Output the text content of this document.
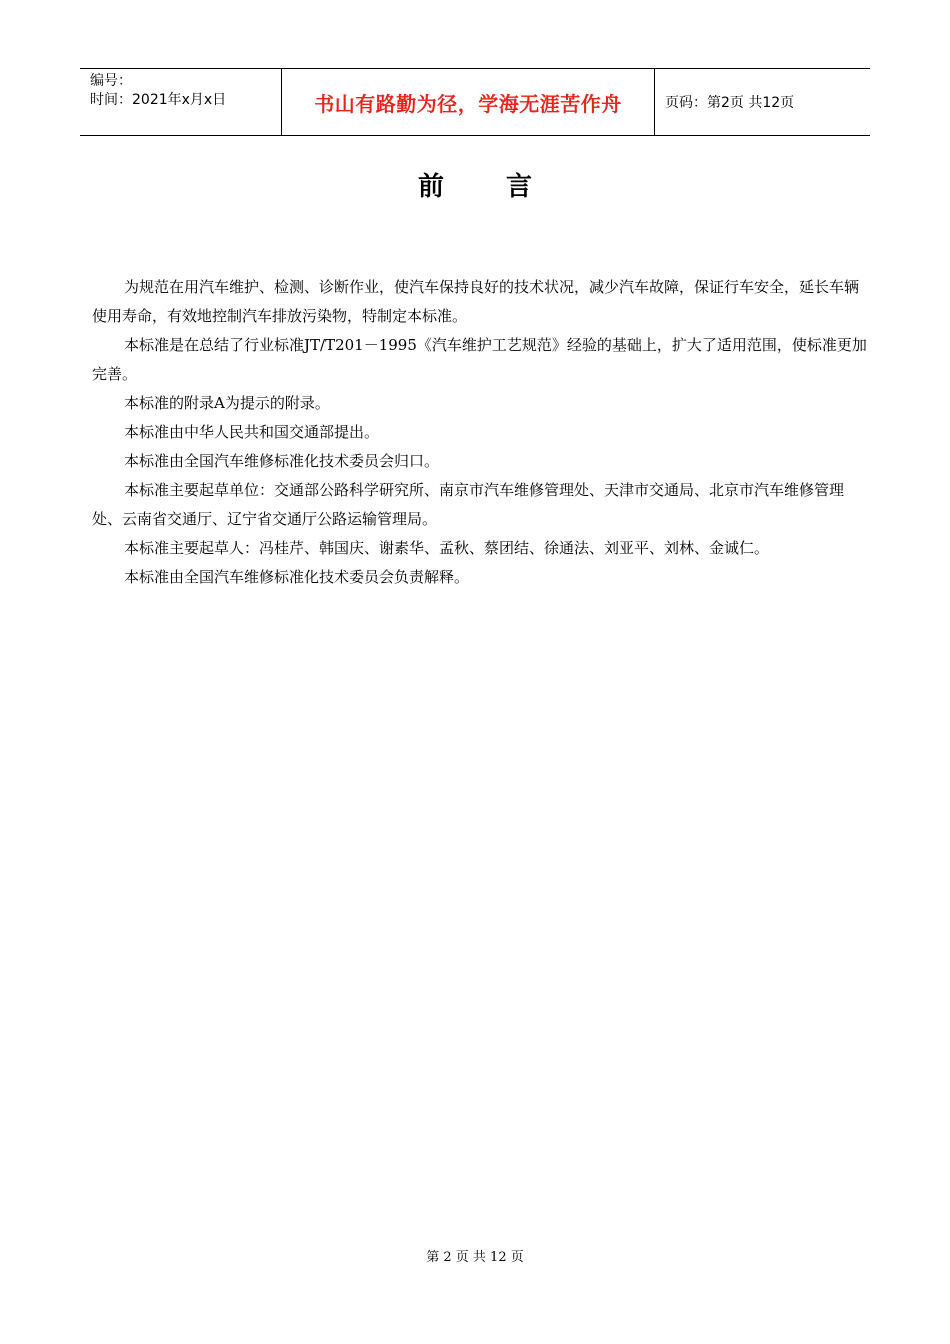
编号：
时间：2021年x月x日	书山有路勤为径，学海无涯苦作舟	页码：第2页 共12页
前言

为规范在用汽车维护、检测、诊断作业，使汽车保持良好的技术状况，减少汽车故障，保证行车安全，延长车辆使用寿命，有效地控制汽车排放污染物，特制定本标准。

本标准是在总结了行业标准JT/T201－1995《汽车维护工艺规范》经验的基础上，扩大了适用范围，使标准更加完善。

本标准的附录A为提示的附录。

本标准由中华人民共和国交通部提出。

本标准由全国汽车维修标准化技术委员会归口。

本标准主要起草单位：交通部公路科学研究所、南京市汽车维修管理处、天津市交通局、北京市汽车维修管理处、云南省交通厅、辽宁省交通厅公路运输管理局。

本标准主要起草人：冯桂芹、韩国庆、谢素华、孟秋、蔡团结、徐通法、刘亚平、刘林、金诚仁。

本标准由全国汽车维修标准化技术委员会负责解释。

第 2 页 共 12 页
